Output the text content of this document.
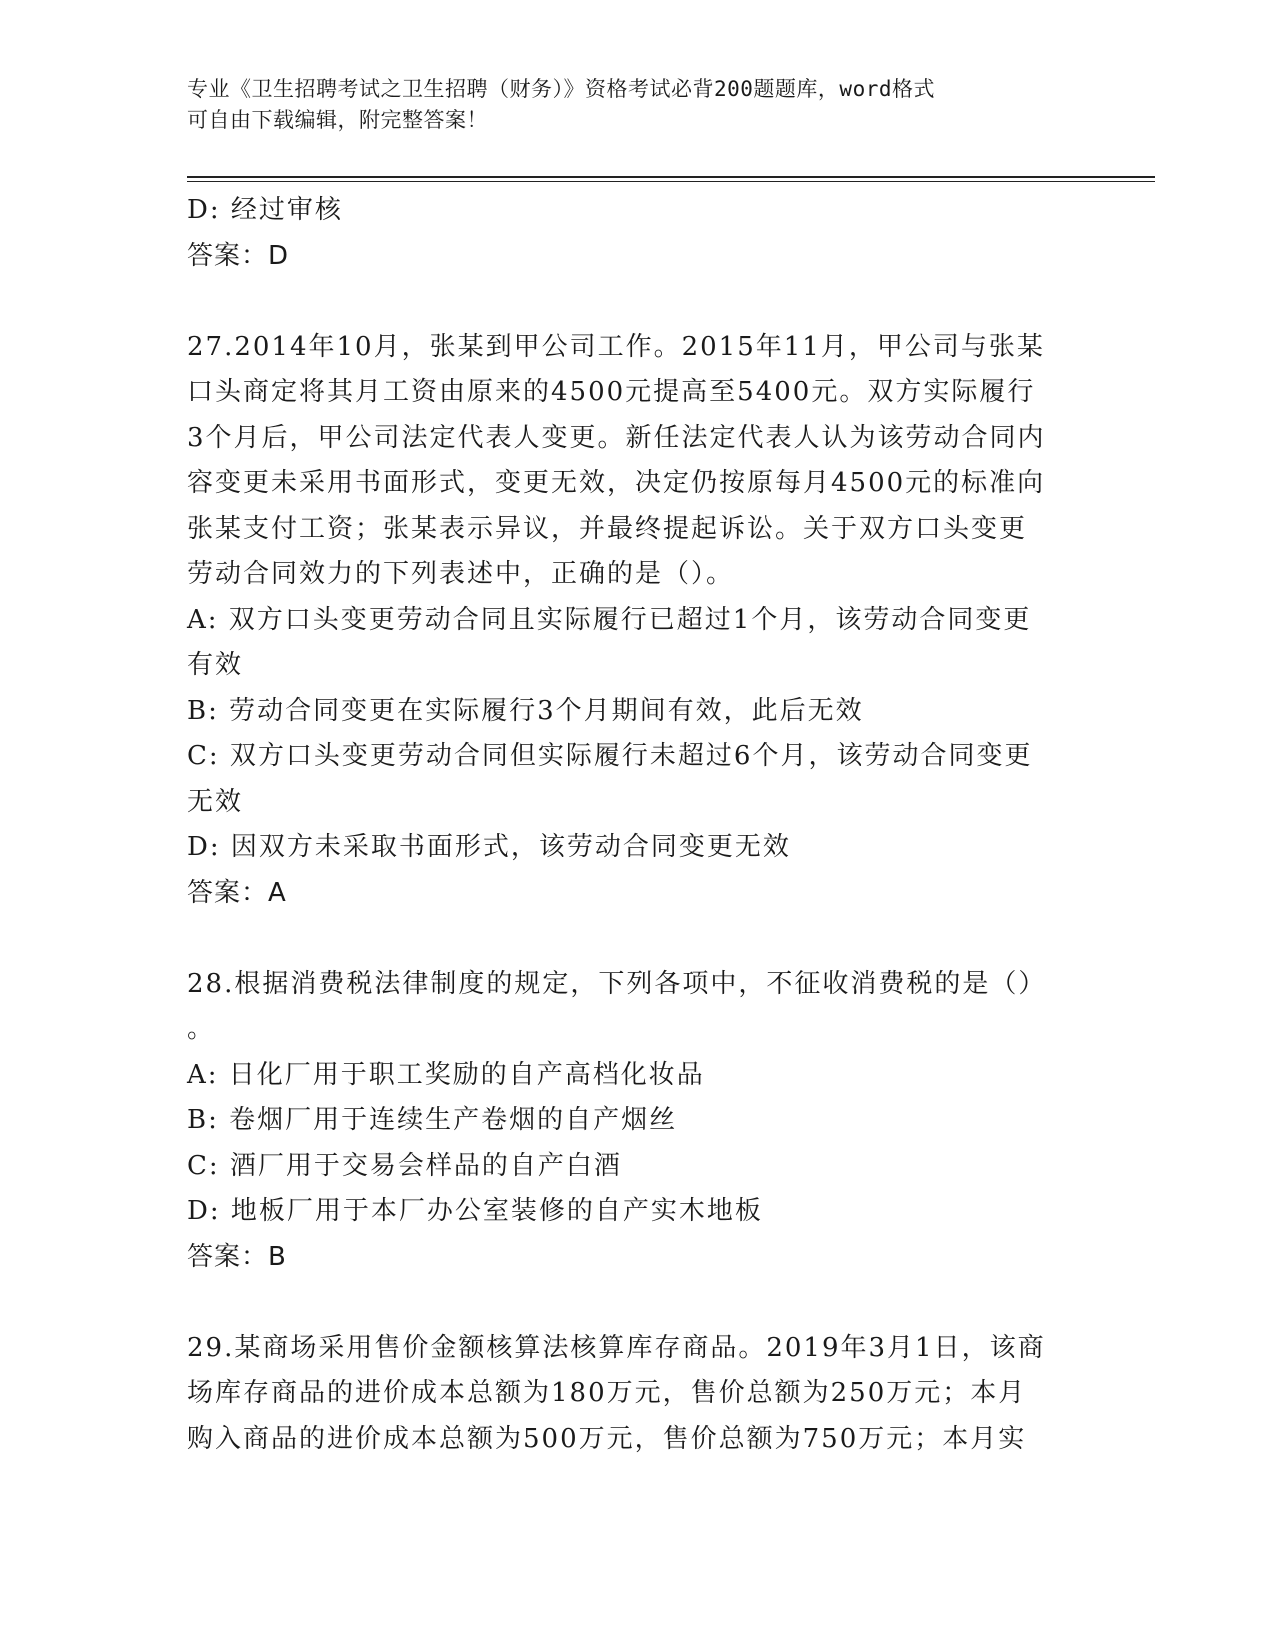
专业《卫生招聘考试之卫生招聘（财务）》资格考试必背200题题库，word格式
可自由下载编辑，附完整答案！
D: 经过审核
答案：D
27.2014年10月，张某到甲公司工作。2015年11月，甲公司与张某
口头商定将其月工资由原来的4500元提高至5400元。双方实际履行
3个月后，甲公司法定代表人变更。新任法定代表人认为该劳动合同内
容变更未采用书面形式，变更无效，决定仍按原每月4500元的标准向
张某支付工资；张某表示异议，并最终提起诉讼。关于双方口头变更
劳动合同效力的下列表述中，正确的是（）。
A: 双方口头变更劳动合同且实际履行已超过1个月，该劳动合同变更
有效
B: 劳动合同变更在实际履行3个月期间有效，此后无效
C: 双方口头变更劳动合同但实际履行未超过6个月，该劳动合同变更
无效
D: 因双方未采取书面形式，该劳动合同变更无效
答案：A
28.根据消费税法律制度的规定，下列各项中，不征收消费税的是（）
。
A: 日化厂用于职工奖励的自产高档化妆品
B: 卷烟厂用于连续生产卷烟的自产烟丝
C: 酒厂用于交易会样品的自产白酒
D: 地板厂用于本厂办公室装修的自产实木地板
答案：B
29.某商场采用售价金额核算法核算库存商品。2019年3月1日，该商
场库存商品的进价成本总额为180万元，售价总额为250万元；本月
购入商品的进价成本总额为500万元，售价总额为750万元；本月实
